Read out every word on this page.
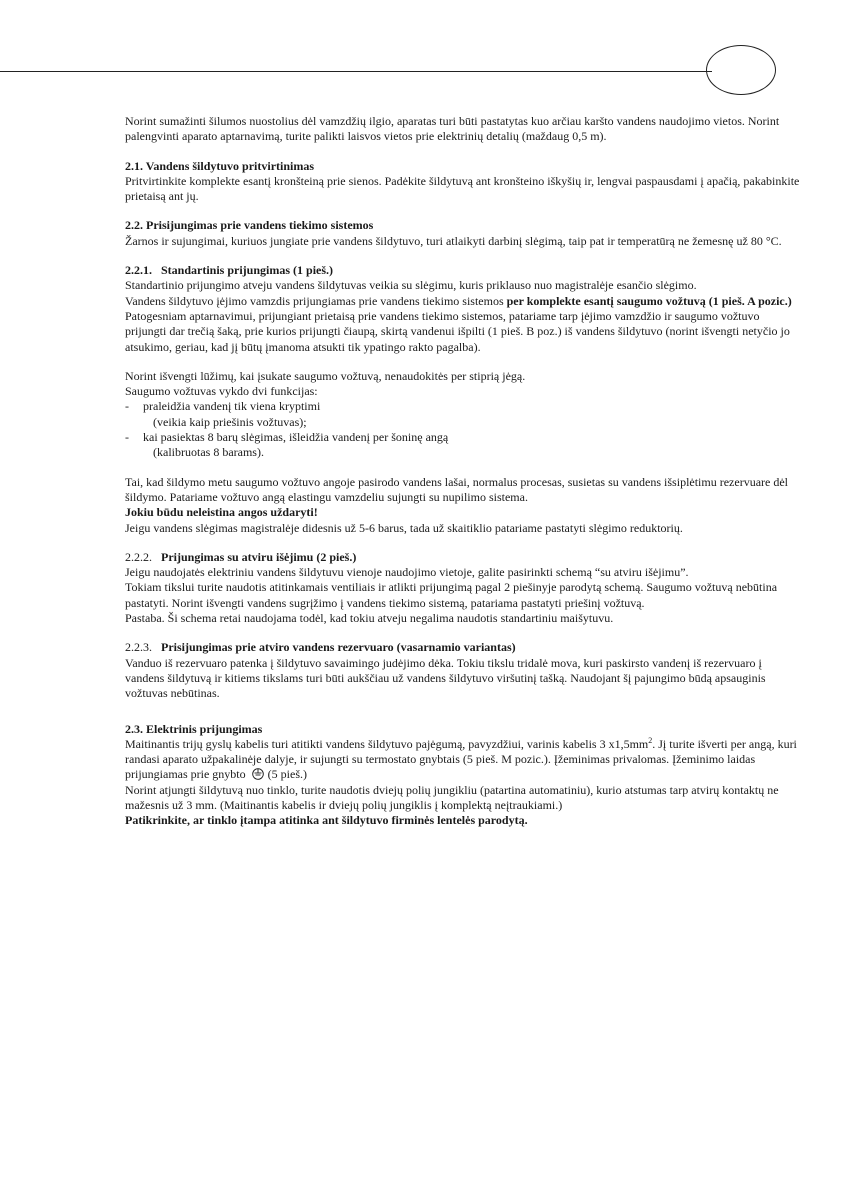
Norint sumažinti šilumos nuostolius dėl vamzdžių ilgio, aparatas turi būti pastatytas kuo arčiau karšto vandens naudojimo vietos. Norint palengvinti aparato aptarnavimą, turite palikti laisvos vietos prie elektrinių detalių (maždaug 0,5 m).

2.1. Vandens šildytuvo pritvirtinimas

Pritvirtinkite komplekte esantį kronšteiną prie sienos. Padėkite šildytuvą ant kronšteino iškyšių ir, lengvai paspausdami į apačią, pakabinkite prietaisą ant jų.

2.2. Prisijungimas prie vandens tiekimo sistemos

Žarnos ir sujungimai, kuriuos jungiate prie vandens šildytuvo, turi atlaikyti darbinį slėgimą, taip pat ir temperatūrą ne žemesnę už 80 °C.

2.2.1.   Standartinis prijungimas (1 pieš.)

Standartinio prijungimo atveju vandens šildytuvas veikia su slėgimu, kuris priklauso nuo magistralėje esančio slėgimo.

Vandens šildytuvo įėjimo vamzdis prijungiamas prie vandens tiekimo sistemos per komplekte esantį saugumo vožtuvą (1 pieš. A pozic.)

Patogesniam aptarnavimui, prijungiant prietaisą prie vandens tiekimo sistemos, patariame tarp įėjimo vamzdžio ir saugumo vožtuvo prijungti dar trečią šaką, prie kurios prijungti čiaupą, skirtą vandenui išpilti (1 pieš. B poz.) iš vandens šildytuvo (norint išvengti netyčio jo atsukimo, geriau, kad jį būtų įmanoma atsukti tik ypatingo rakto pagalba).

Norint išvengti lūžimų, kai įsukate saugumo vožtuvą, nenaudokitės per stiprią jėgą.

Saugumo vožtuvas vykdo dvi funkcijas:

- praleidžia vandenį tik viena kryptimi

(veikia kaip priešinis vožtuvas);

- kai pasiektas 8 barų slėgimas, išleidžia vandenį per šoninę angą

(kalibruotas 8 barams).

Tai, kad šildymo metu saugumo vožtuvo angoje pasirodo vandens lašai, normalus procesas, susietas su vandens išsiplėtimu rezervuare dėl šildymo. Patariame vožtuvo angą elastingu vamzdeliu sujungti su nupilimo sistema.

Jokiu būdu neleistina angos uždaryti!

Jeigu vandens slėgimas magistralėje didesnis už 5-6 barus, tada už skaitiklio patariame pastatyti slėgimo reduktorių.

2.2.2. Prijungimas su atviru išėjimu (2 pieš.)

Jeigu naudojatės elektriniu vandens šildytuvu vienoje naudojimo vietoje, galite pasirinkti schemą “su atviru išėjimu”.

Tokiam tikslui turite naudotis atitinkamais ventiliais ir atlikti prijungimą pagal 2 piešinyje parodytą schemą. Saugumo vožtuvą nebūtina pastatyti. Norint išvengti vandens sugrįžimo į vandens tiekimo sistemą, patariama pastatyti priešinį vožtuvą.

Pastaba. Ši schema retai naudojama todėl, kad tokiu atveju negalima naudotis standartiniu maišytuvu.

2.2.3. Prisijungimas prie atviro vandens rezervuaro (vasarnamio variantas)

Vanduo iš rezervuaro patenka į šildytuvo savaimingo judėjimo dėka. Tokiu tikslu tridalė mova, kuri paskirsto vandenį iš rezervuaro į vandens šildytuvą ir kitiems tikslams turi būti aukščiau už vandens šildytuvo viršutinį tašką. Naudojant šį pajungimo būdą apsauginis vožtuvas nebūtinas.

2.3. Elektrinis prijungimas

Maitinantis trijų gyslų kabelis turi atitikti vandens šildytuvo pajėgumą, pavyzdžiui, varinis kabelis 3 $x1,5mm^2$. Jį turite išverti per angą, kuri randasi aparato užpakalinėje dalyje, ir sujungti su termostato gnybtais (5 pieš. M pozic.). Įžeminimas privalomas. Įžeminimo laidas prijungiamas prie gnybto (5 pieš.)

Norint atjungti šildytuvą nuo tinklo, turite naudotis dviejų polių jungikliu (patartina automatiniu), kurio atstumas tarp atvirų kontaktų ne mažesnis už 3 mm. (Maitinantis kabelis ir dviejų polių jungiklis į komplektą neįtraukiami.)

Patikrinkite, ar tinklo įtampa atitinka ant šildytuvo firminės lentelės parodytą.
